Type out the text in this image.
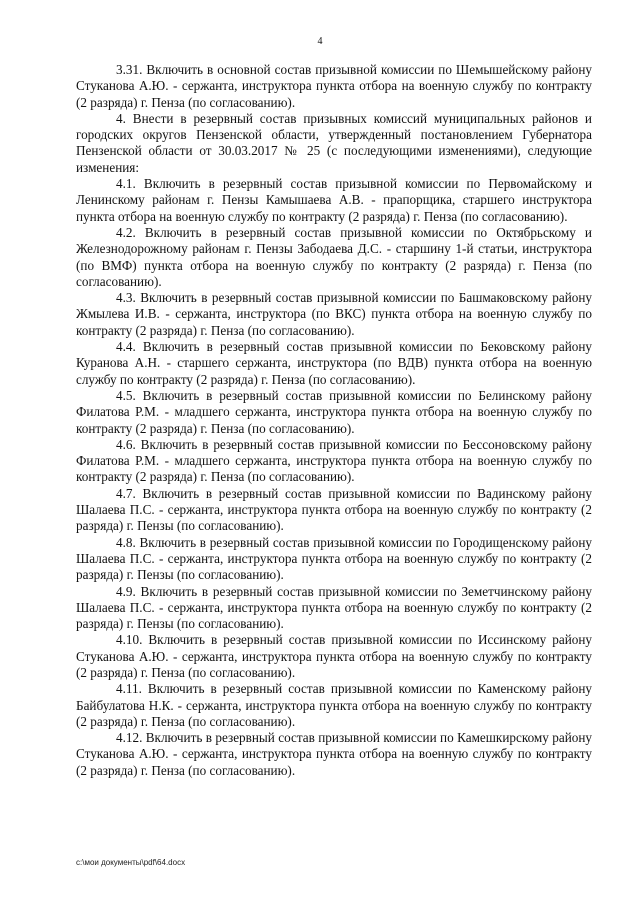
4

3.31. Включить в основной состав призывной комиссии по Шемышейскому району Стуканова А.Ю. - сержанта, инструктора пункта отбора на военную службу по контракту (2 разряда) г. Пенза (по согласованию).

4. Внести в резервный состав призывных комиссий муниципальных районов и городских округов Пензенской области, утвержденный постановлением Губернатора Пензенской области от 30.03.2017 № 25 (с последующими изменениями), следующие изменения:

4.1. Включить в резервный состав призывной комиссии по Первомайскому и Ленинскому районам г. Пензы Камышаева А.В. - прапорщика, старшего инструктора пункта отбора на военную службу по контракту (2 разряда) г. Пенза (по согласованию).

4.2. Включить в резервный состав призывной комиссии по Октябрьскому и Железнодорожному районам г. Пензы Забодаева Д.С. - старшину 1-й статьи, инструктора (по ВМФ) пункта отбора на военную службу по контракту (2 разряда) г. Пенза (по согласованию).

4.3. Включить в резервный состав призывной комиссии по Башмаковскому району Жмылева И.В. - сержанта, инструктора (по ВКС) пункта отбора на военную службу по контракту (2 разряда) г. Пенза (по согласованию).

4.4. Включить в резервный состав призывной комиссии по Бековскому району Куранова А.Н. - старшего сержанта, инструктора (по ВДВ) пункта отбора на военную службу по контракту (2 разряда) г. Пенза (по согласованию).

4.5. Включить в резервный состав призывной комиссии по Белинскому району Филатова Р.М. - младшего сержанта, инструктора пункта отбора на военную службу по контракту (2 разряда) г. Пенза (по согласованию).

4.6. Включить в резервный состав призывной комиссии по Бессоновскому району Филатова Р.М. - младшего сержанта, инструктора пункта отбора на военную службу по контракту (2 разряда) г. Пенза (по согласованию).

4.7. Включить в резервный состав призывной комиссии по Вадинскому району Шалаева П.С. - сержанта, инструктора пункта отбора на военную службу по контракту (2 разряда) г. Пензы (по согласованию).

4.8. Включить в резервный состав призывной комиссии по Городищенскому району Шалаева П.С. - сержанта, инструктора пункта отбора на военную службу по контракту (2 разряда) г. Пензы (по согласованию).

4.9. Включить в резервный состав призывной комиссии по Земетчинскому району Шалаева П.С. - сержанта, инструктора пункта отбора на военную службу по контракту (2 разряда) г. Пензы (по согласованию).

4.10. Включить в резервный состав призывной комиссии по Иссинскому району Стуканова А.Ю. - сержанта, инструктора пункта отбора на военную службу по контракту (2 разряда) г. Пенза (по согласованию).

4.11. Включить в резервный состав призывной комиссии по Каменскому району Байбулатова Н.К. - сержанта, инструктора пункта отбора на военную службу по контракту (2 разряда) г. Пенза (по согласованию).

4.12. Включить в резервный состав призывной комиссии по Камешкирскому району Стуканова А.Ю. - сержанта, инструктора пункта отбора на военную службу по контракту (2 разряда) г. Пенза (по согласованию).

c:\мои документы\pdf\64.docx
